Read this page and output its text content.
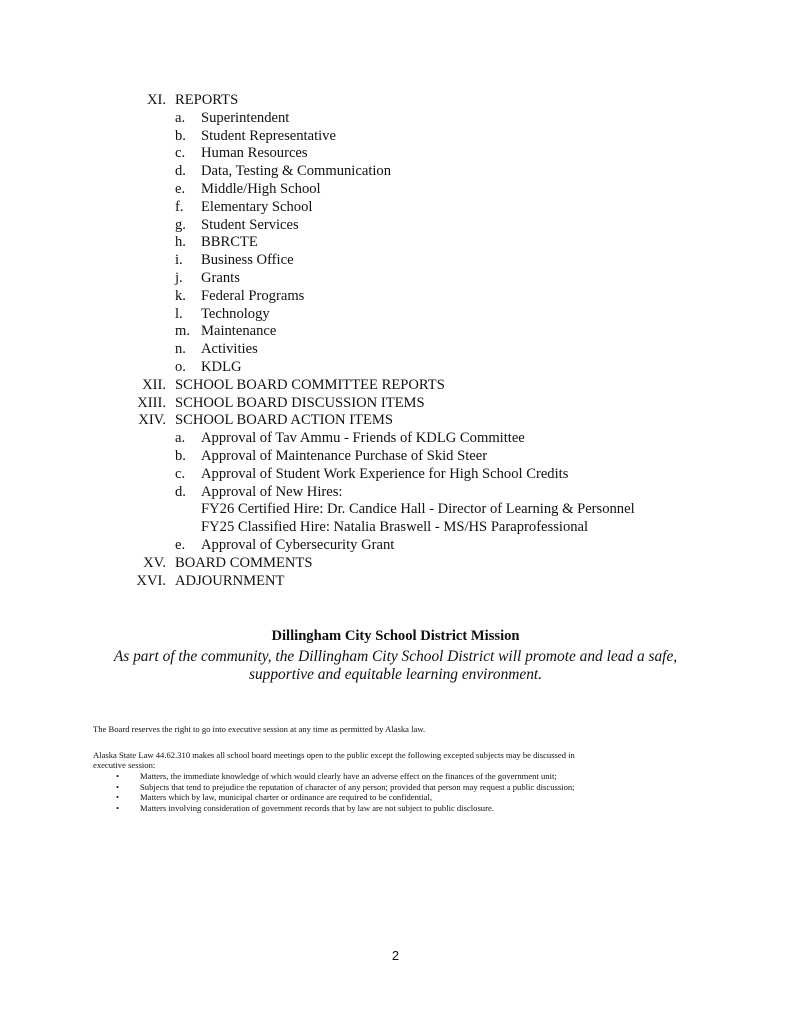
XI. REPORTS
a. Superintendent
b. Student Representative
c. Human Resources
d. Data, Testing & Communication
e. Middle/High School
f. Elementary School
g. Student Services
h. BBRCTE
i. Business Office
j. Grants
k. Federal Programs
l. Technology
m. Maintenance
n. Activities
o. KDLG
XII. SCHOOL BOARD COMMITTEE REPORTS
XIII. SCHOOL BOARD DISCUSSION ITEMS
XIV. SCHOOL BOARD ACTION ITEMS
a. Approval of Tav Ammu - Friends of KDLG Committee
b. Approval of Maintenance Purchase of Skid Steer
c. Approval of Student Work Experience for High School Credits
d. Approval of New Hires:
FY26 Certified Hire: Dr. Candice Hall - Director of Learning & Personnel
FY25 Classified Hire: Natalia Braswell - MS/HS Paraprofessional
e. Approval of Cybersecurity Grant
XV. BOARD COMMENTS
XVI. ADJOURNMENT
Dillingham City School District Mission
As part of the community, the Dillingham City School District will promote and lead a safe,
supportive and equitable learning environment.
The Board reserves the right to go into executive session at any time as permitted by Alaska law.
Alaska State Law 44.62.310 makes all school board meetings open to the public except the following excepted subjects may be discussed in
executive session:
• Matters, the immediate knowledge of which would clearly have an adverse effect on the finances of the government unit;
• Subjects that tend to prejudice the reputation of character of any person; provided that person may request a public discussion;
• Matters which by law, municipal charter or ordinance are required to be confidential,
• Matters involving consideration of government records that by law are not subject to public disclosure.
2
